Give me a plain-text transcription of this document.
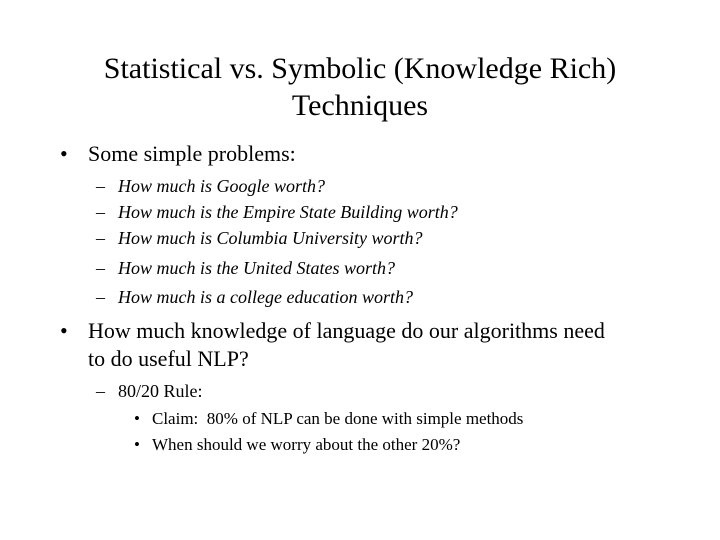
Statistical vs. Symbolic (Knowledge Rich)
Techniques
• Some simple problems:
– How much is Google worth?
– How much is the Empire State Building worth?
– How much is Columbia University worth?
– How much is the United States worth?
– How much is a college education worth?
• How much knowledge of language do our algorithms need
to do useful NLP?
– 80/20 Rule:
• Claim:  80% of NLP can be done with simple methods
• When should we worry about the other 20%?
